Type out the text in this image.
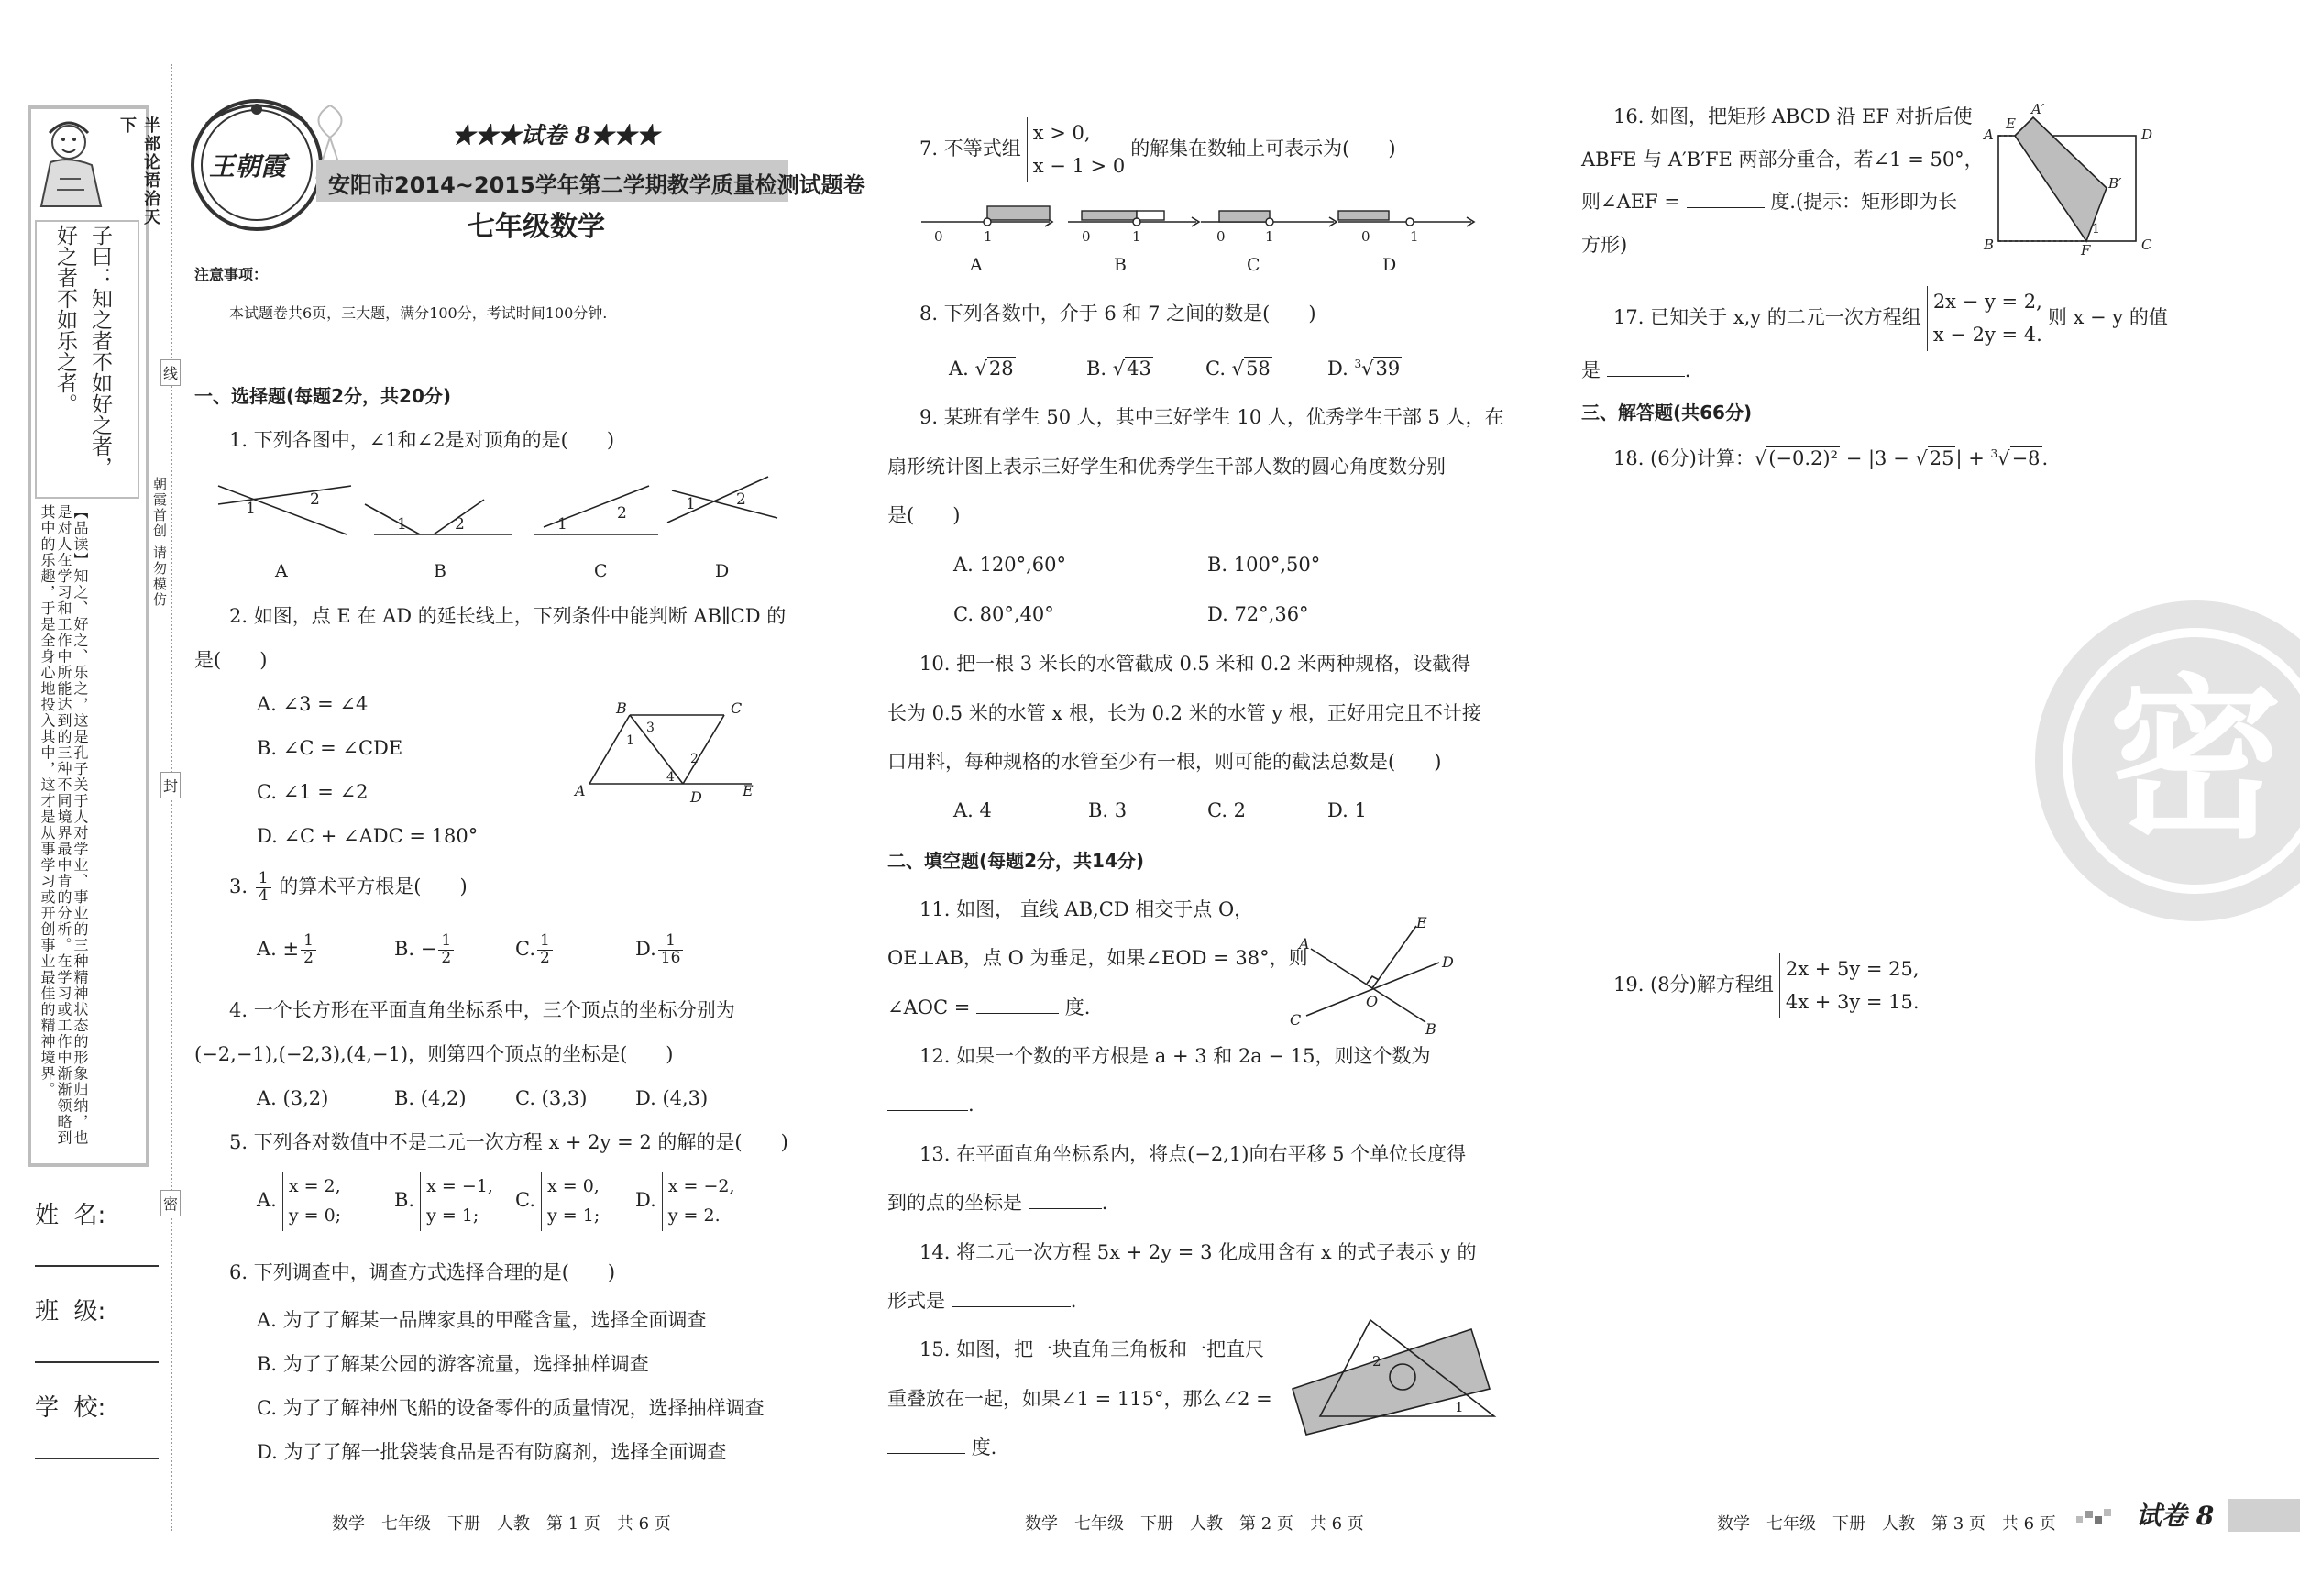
半部论语治天下
子曰：知之者不如好之者，好之者不如乐之者。
【品读】知之、好之、乐之，这是孔子关于人对学业、事业的三种精神状态的形象归纳，也是对人在学习和工作中所能达到的三种不同境界最中肯的分析。在学习或工作中渐渐领略到其中的乐趣，于是全身心地投入其中，这才是从事学习或开创事业最佳的精神境界。
线
封
密
朝霞首创 请勿模仿
姓  名:
班  级:
学  校:
王朝霞
★★★试卷 8★★★
安阳市2014~2015学年第二学期教学质量检测试题卷
七年级数学
注意事项：
本试题卷共6页，三大题，满分100分，考试时间100分钟.
一、选择题(每题2分，共20分)
1. 下列各图中，∠1和∠2是对顶角的是(　　)
1	2
1	2	1
2	1	2
A	B	C	D
2. 如图，点 E 在 AD 的延长线上，下列条件中能判断 AB∥CD 的
是(　　)
A. ∠3 = ∠4
B. ∠C = ∠CDE
C. ∠1 = ∠2
D. ∠C + ∠ADC = 180°
B	C
A	D	E
1
2
3
4
3. $\frac{1}{4}$ 的算术平方根是(　　)
A. ± $\frac{1}{2}$	B. − $\frac{1}{2}$	C. $\frac{1}{2}$	D. $\frac{1}{16}$
4. 一个长方形在平面直角坐标系中，三个顶点的坐标分别为
(−2,−1),(−2,3),(4,−1)，则第四个顶点的坐标是(　　)
A. (3,2)	B. (4,2)	C. (3,3)	D. (4,3)
5. 下列各对数值中不是二元一次方程 x + 2y = 2 的解的是(　　)
A.x = 2,
y = 0;
B.x = −1,
y = 1;
C.x = 0,
y = 1;
D.x = −2,
y = 2.
6. 下列调查中，调查方式选择合理的是(　　)
A. 为了了解某一品牌家具的甲醛含量，选择全面调查
B. 为了了解某公园的游客流量，选择抽样调查
C. 为了了解神州飞船的设备零件的质量情况，选择抽样调查
D. 为了了解一批袋装食品是否有防腐剂，选择全面调查
7. 不等式组x > 0,
x − 1 > 0的解集在数轴上可表示为(　　)
0	1	0	1	0	1	0	1
A	B	C	D
8. 下列各数中，介于 6 和 7 之间的数是(　　)
A. √28	B. √43	C. √58	D. $^3$√39
9. 某班有学生 50 人，其中三好学生 10 人，优秀学生干部 5 人，在
扇形统计图上表示三好学生和优秀学生干部人数的圆心角度数分别
是(　　)
A. 120°,60°	B. 100°,50°
C. 80°,40°	D. 72°,36°
10. 把一根 3 米长的水管截成 0.5 米和 0.2 米两种规格，设截得
长为 0.5 米的水管 x 根，长为 0.2 米的水管 y 根，正好用完且不计接
口用料，每种规格的水管至少有一根，则可能的截法总数是(　　)
A. 4	B. 3	C. 2	D. 1
二、填空题(每题2分，共14分)
11. 如图， 直线 AB,CD 相交于点 O，
OE⊥AB，点 O 为垂足，如果∠EOD = 38°，则
∠AOC =	度.
A
E
D
O
C
B
12. 如果一个数的平方根是 a + 3 和 2a − 15，则这个数为
.
13. 在平面直角坐标系内，将点(−2,1)向右平移 5 个单位长度得
到的点的坐标是	.
14. 将二元一次方程 5x + 2y = 3 化成用含有 x 的式子表示 y 的
形式是	.
15. 如图，把一块直角三角板和一把直尺
重叠放在一起，如果∠1 = 115°，那么∠2 =
度.
2
1
16. 如图，把矩形 ABCD 沿 EF 对折后使
ABFE 与 A′B′FE 两部分重合，若∠1 = 50°，
则∠AEF =	度.(提示：矩形即为长
方形)
A
E
A′
D
B′
B	F	C
1
17. 已知关于 x,y 的二元一次方程组2x − y = 2,
x − 2y = 4.则 x − y 的值
是	.
三、解答题(共66分)
18. (6分)计算：√(−0.2)² − |3 − √25| + $^3$√−8.
密
19. (8分)解方程组2x + 5y = 25,
4x + 3y = 15.
数学　七年级　下册　人教　第 1 页　共 6 页	数学　七年级　下册　人教　第 2 页　共 6 页	数学　七年级　下册　人教　第 3 页　共 6 页	试卷 8
